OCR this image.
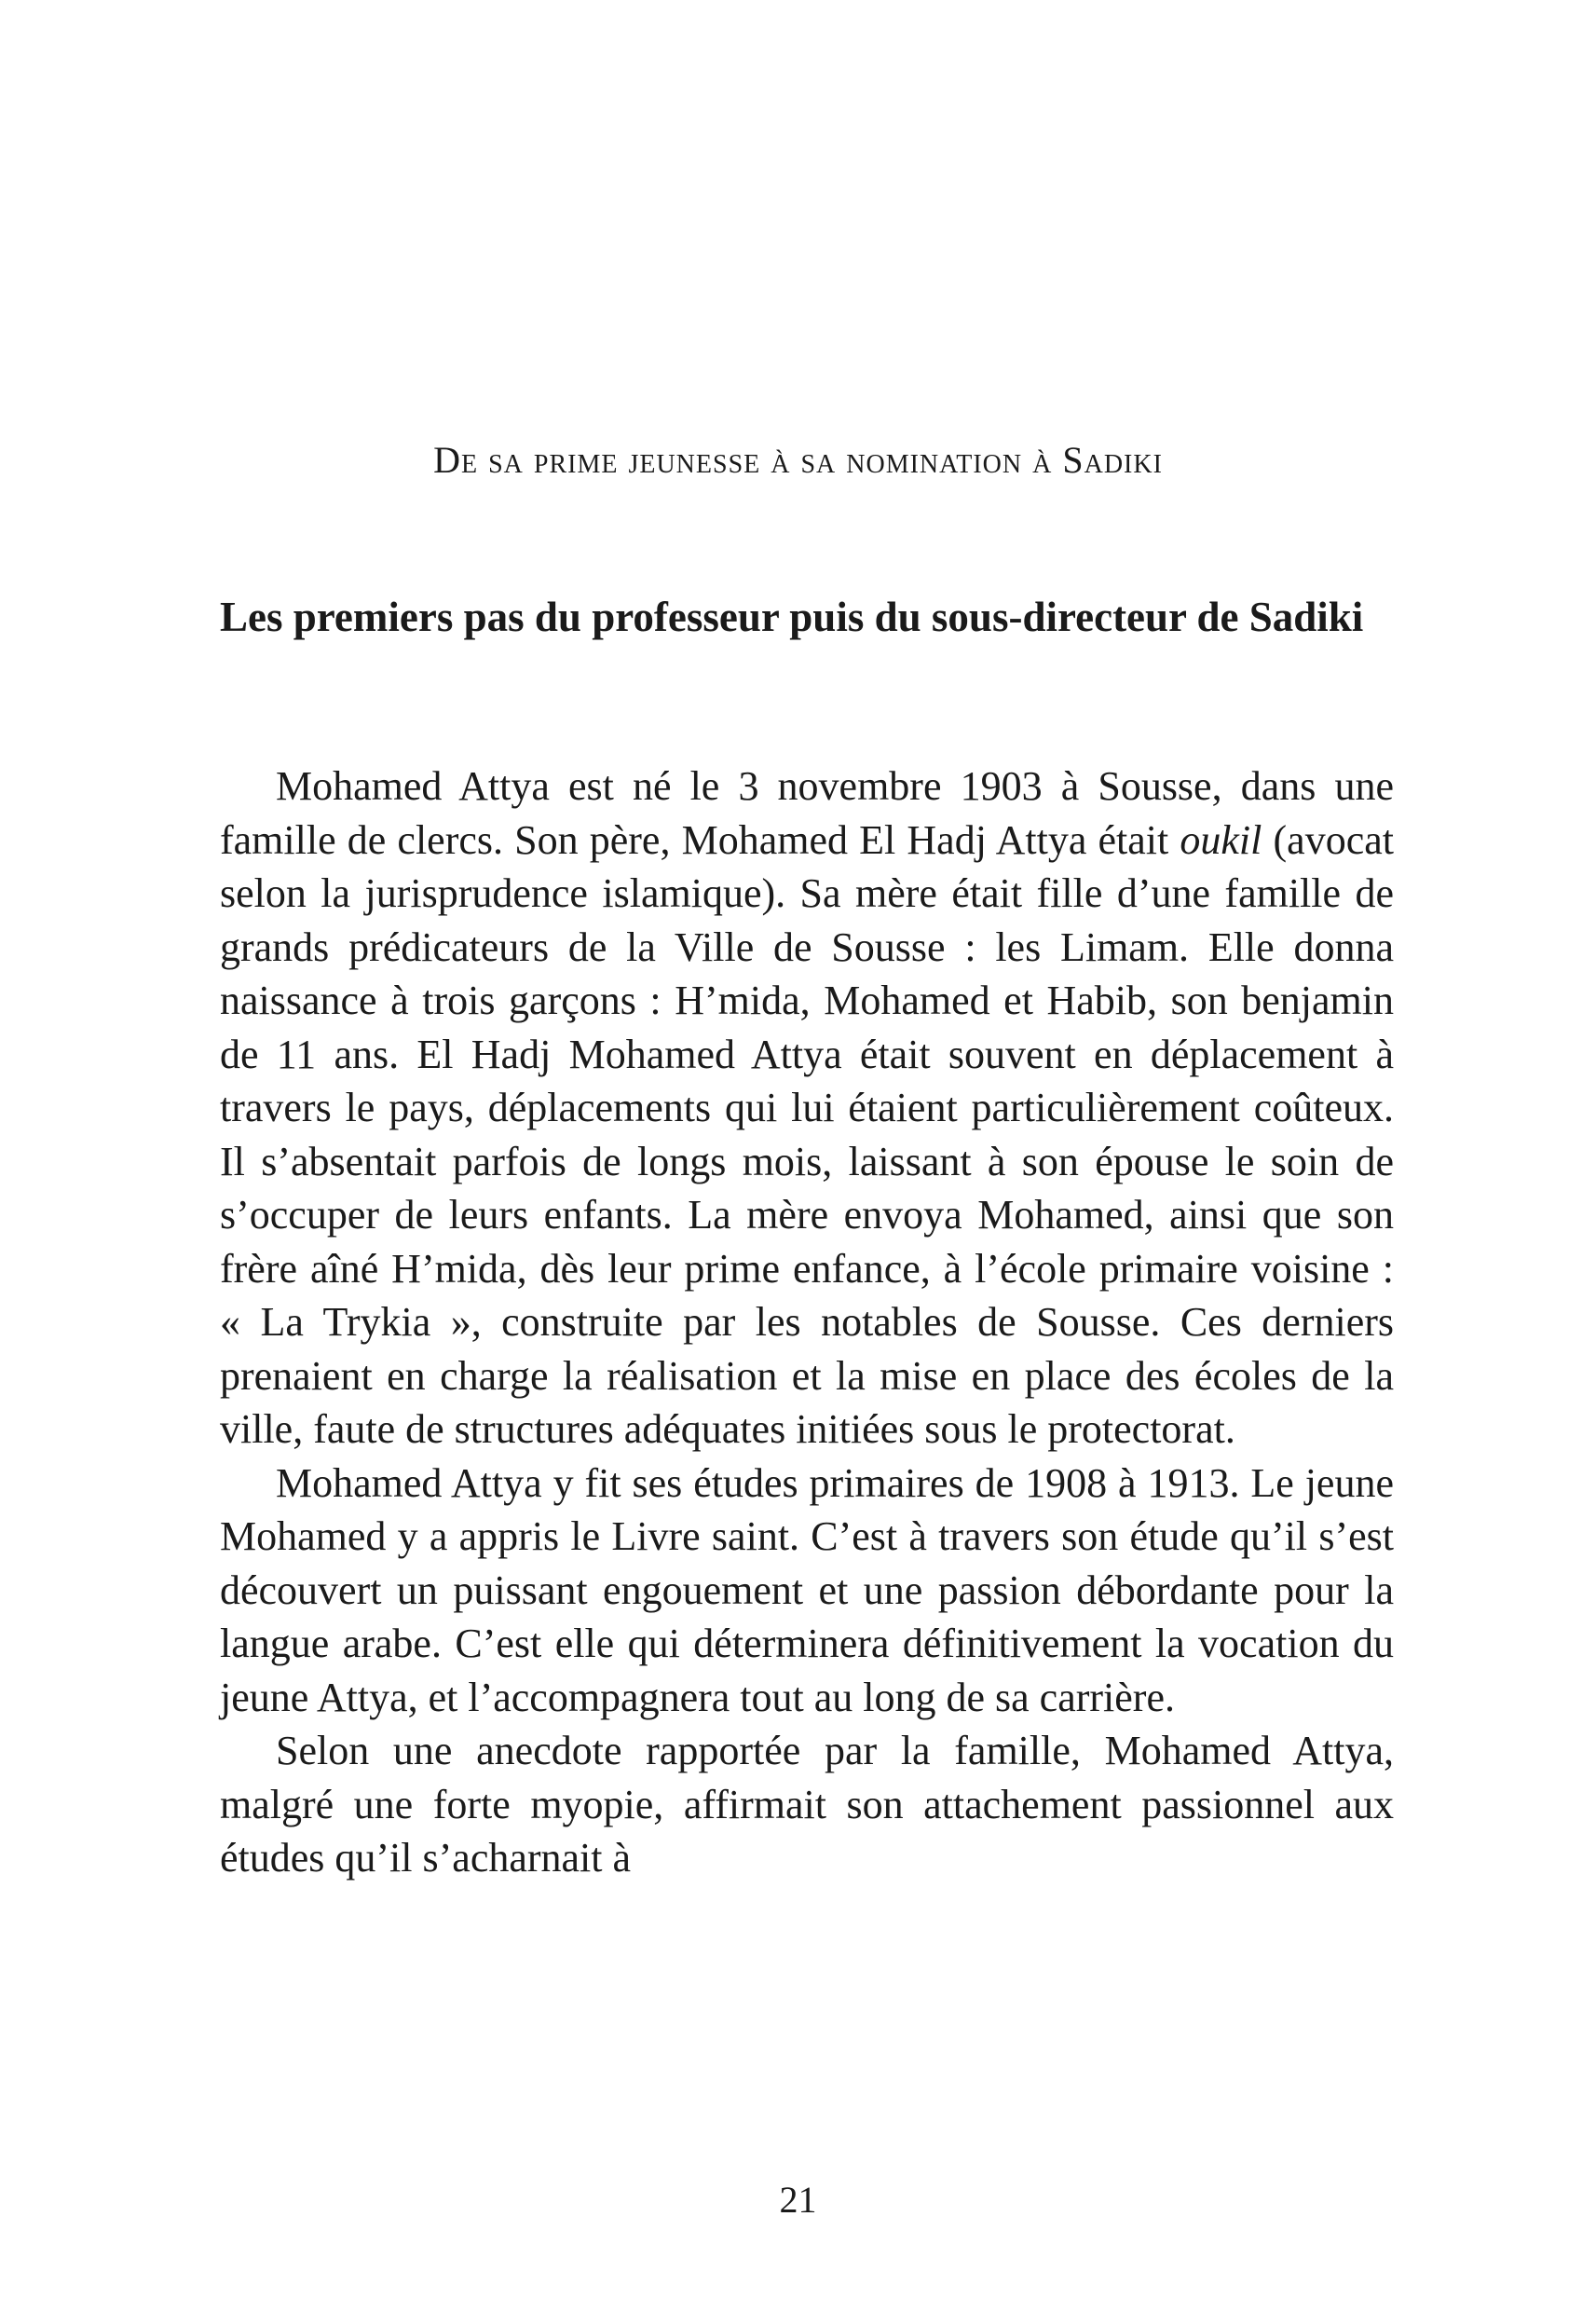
De sa prime jeunesse à sa nomination à Sadiki
Les premiers pas du professeur puis du sous-directeur de Sadiki

Mohamed Attya est né le 3 novembre 1903 à Sousse, dans une famille de clercs. Son père, Mohamed El Hadj Attya était oukil (avocat selon la jurisprudence islamique). Sa mère était fille d’une famille de grands prédicateurs de la Ville de Sousse : les Limam. Elle donna naissance à trois garçons : H’mida, Mohamed et Habib, son benjamin de 11 ans. El Hadj Mohamed Attya était souvent en déplacement à travers le pays, déplacements qui lui étaient particulièrement coûteux. Il s’absentait parfois de longs mois, laissant à son épouse le soin de s’occuper de leurs enfants. La mère envoya Mohamed, ainsi que son frère aîné H’mida, dès leur prime enfance, à l’école primaire voisine : « La Trykia », construite par les notables de Sousse. Ces derniers prenaient en charge la réalisation et la mise en place des écoles de la ville, faute de structures adéquates initiées sous le protectorat.

Mohamed Attya y fit ses études primaires de 1908 à 1913. Le jeune Mohamed y a appris le Livre saint. C’est à travers son étude qu’il s’est découvert un puissant engouement et une passion débordante pour la langue arabe. C’est elle qui déterminera définitivement la vocation du jeune Attya, et l’accompagnera tout au long de sa carrière.

Selon une anecdote rapportée par la famille, Mohamed Attya, malgré une forte myopie, affirmait son attachement passionnel aux études qu’il s’acharnait à

21
